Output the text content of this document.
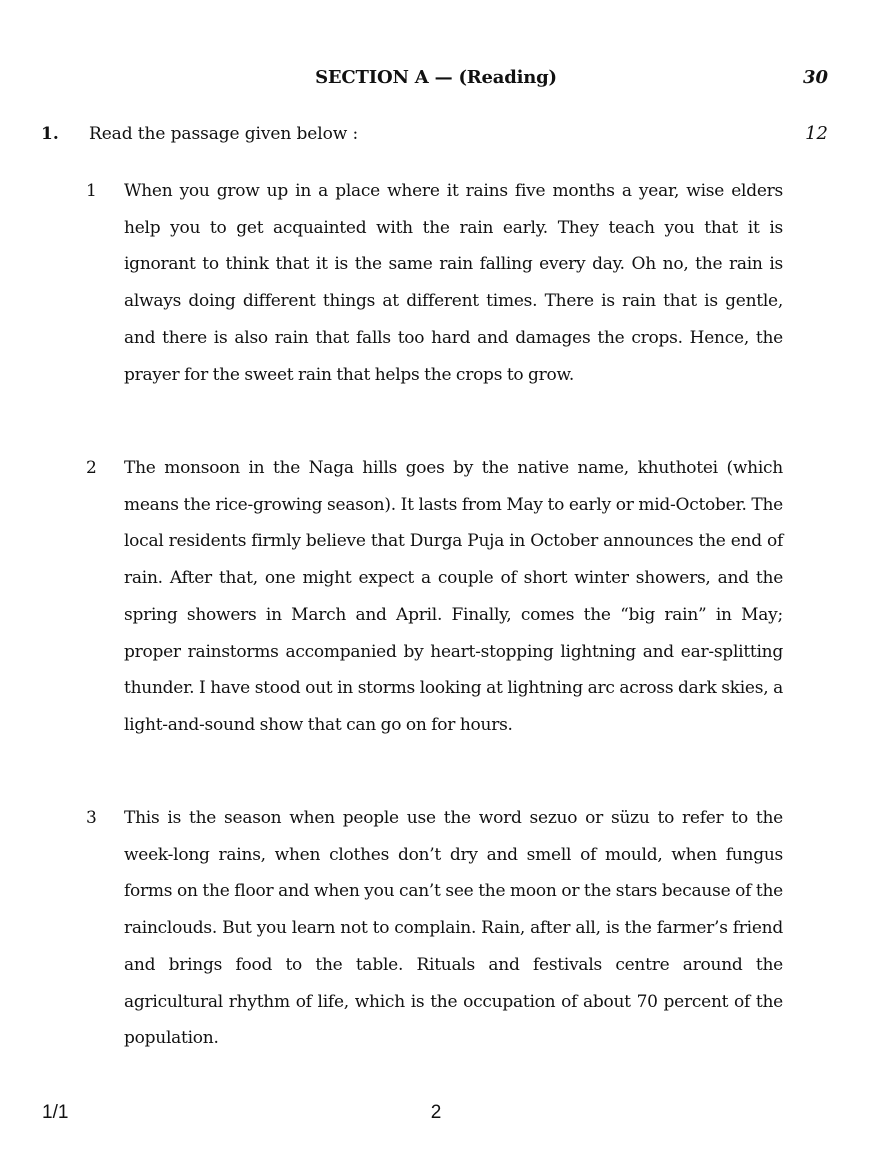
SECTION A — (Reading)	30
1. Read the passage given below :	12
1	When you grow up in a place where it rains five months a year, wise elders help you to get acquainted with the rain early. They teach you that it is ignorant to think that it is the same rain falling every day. Oh no, the rain is always doing different things at different times. There is rain that is gentle, and there is also rain that falls too hard and damages the crops. Hence, the prayer for the sweet rain that helps the crops to grow.
2	The monsoon in the Naga hills goes by the native name, khuthotei (which means the rice-growing season). It lasts from May to early or mid-October. The local residents firmly believe that Durga Puja in October announces the end of rain. After that, one might expect a couple of short winter showers, and the spring showers in March and April. Finally, comes the “big rain” in May; proper rainstorms accompanied by heart-stopping lightning and ear-splitting thunder. I have stood out in storms looking at lightning arc across dark skies, a light-and-sound show that can go on for hours.
3	This is the season when people use the word sezuo or süzu to refer to the week-long rains, when clothes don’t dry and smell of mould, when fungus forms on the floor and when you can’t see the moon or the stars because of the rainclouds. But you learn not to complain. Rain, after all, is the farmer’s friend and brings food to the table. Rituals and festivals centre around the agricultural rhythm of life, which is the occupation of about 70 percent of the population.
1/1	2
